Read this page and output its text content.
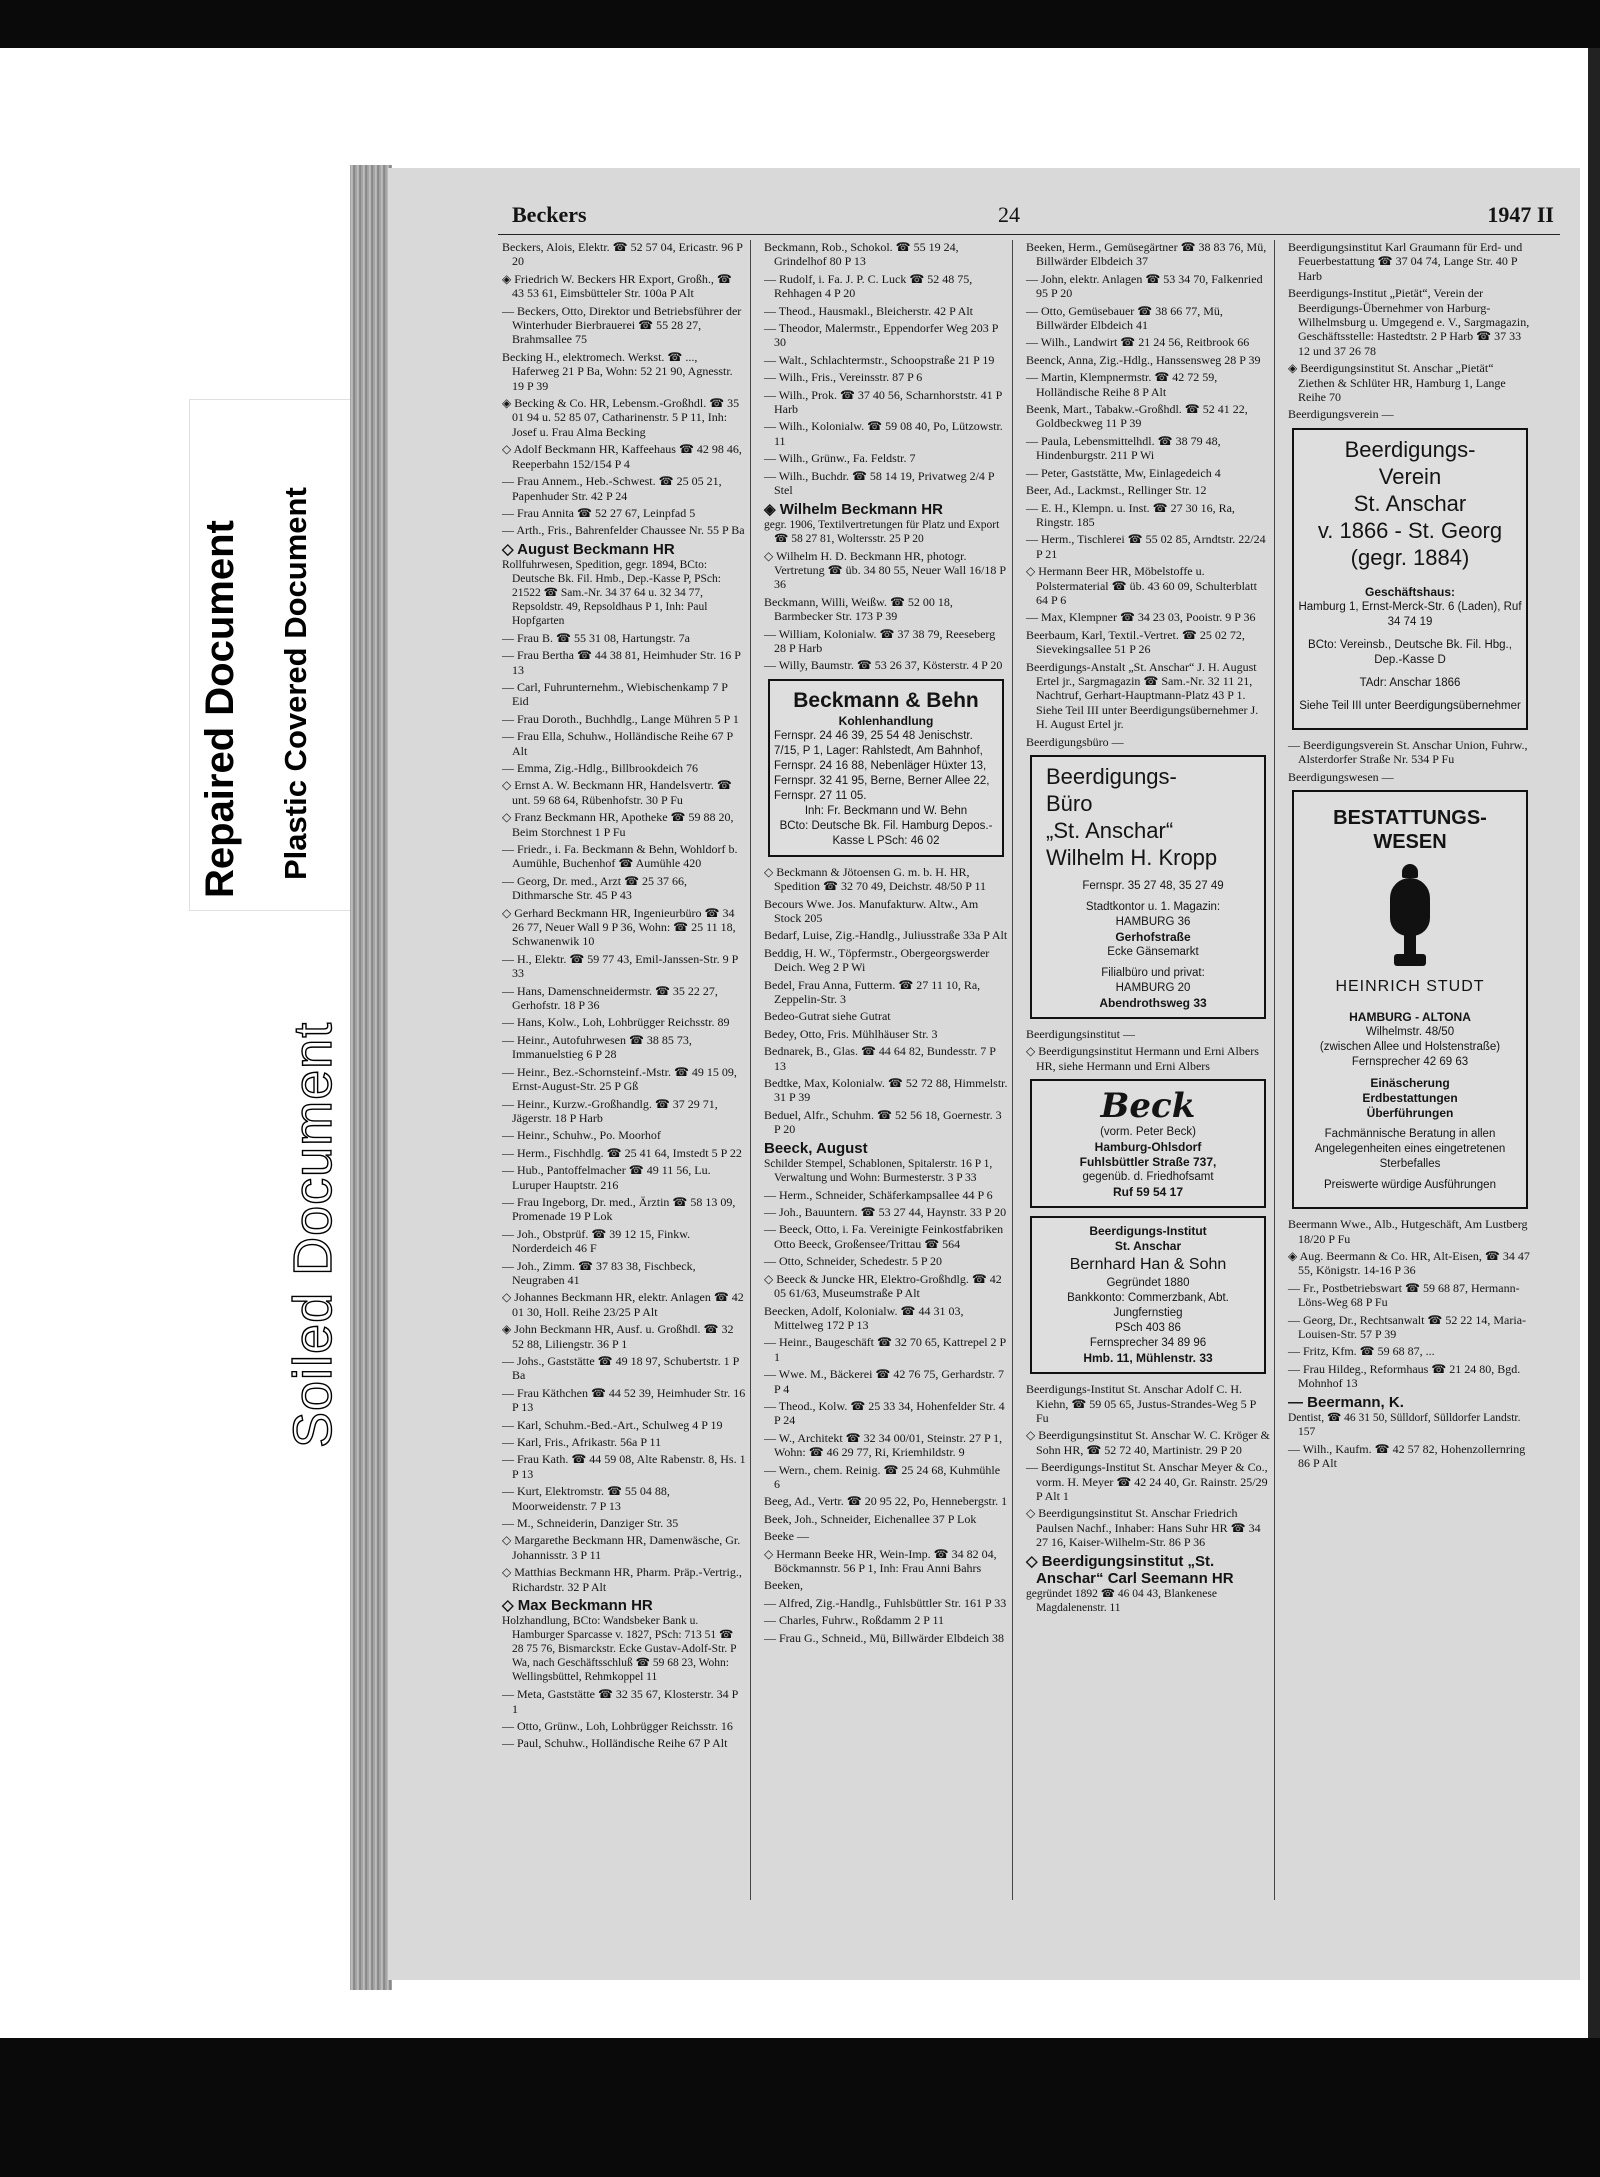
Repaired Document Plastic Covered Document
Soiled Document
Beckers	24	1947 II
Beckers, Alois, Elektr. ☎ 52 57 04, Ericastr. 96 P 20
◈ Friedrich W. Beckers HR Export, Großh., ☎ 43 53 61, Eimsbütteler Str. 100a P Alt
— Beckers, Otto, Direktor und Betriebsführer der Winterhuder Bierbrauerei ☎ 55 28 27, Brahmsallee 75
Becking H., elektromech. Werkst. ☎ ..., Haferweg 21 P Ba, Wohn: 52 21 90, Agnesstr. 19 P 39
◈ Becking & Co. HR, Lebensm.-Großhdl. ☎ 35 01 94 u. 52 85 07, Catharinenstr. 5 P 11, Inh: Josef u. Frau Alma Becking
◇ Adolf Beckmann HR, Kaffeehaus ☎ 42 98 46, Reeperbahn 152/154 P 4
— Frau Annem., Heb.-Schwest. ☎ 25 05 21, Papenhuder Str. 42 P 24
— Frau Annita ☎ 52 27 67, Leinpfad 5
— Arth., Fris., Bahrenfelder Chaussee Nr. 55 P Ba
◇ August Beckmann HR
Rollfuhrwesen, Spedition, gegr. 1894, BCto: Deutsche Bk. Fil. Hmb., Dep.-Kasse P, PSch: 21522 ☎ Sam.-Nr. 34 37 64 u. 32 34 77, Repsoldstr. 49, Repsoldhaus P 1, Inh: Paul Hopfgarten
— Frau B. ☎ 55 31 08, Hartungstr. 7a
— Frau Bertha ☎ 44 38 81, Heimhuder Str. 16 P 13
— Carl, Fuhrunternehm., Wiebischenkamp 7 P Eid
— Frau Doroth., Buchhdlg., Lange Mühren 5 P 1
— Frau Ella, Schuhw., Holländische Reihe 67 P Alt
— Emma, Zig.-Hdlg., Billbrookdeich 76
◇ Ernst A. W. Beckmann HR, Handelsvertr. ☎ unt. 59 68 64, Rübenhofstr. 30 P Fu
◇ Franz Beckmann HR, Apotheke ☎ 59 88 20, Beim Storchnest 1 P Fu
— Friedr., i. Fa. Beckmann & Behn, Wohldorf b. Aumühle, Buchenhof ☎ Aumühle 420
— Georg, Dr. med., Arzt ☎ 25 37 66, Dithmarsche Str. 45 P 43
◇ Gerhard Beckmann HR, Ingenieurbüro ☎ 34 26 77, Neuer Wall 9 P 36, Wohn: ☎ 25 11 18, Schwanenwik 10
— H., Elektr. ☎ 59 77 43, Emil-Janssen-Str. 9 P 33
— Hans, Damenschneidermstr. ☎ 35 22 27, Gerhofstr. 18 P 36
— Hans, Kolw., Loh, Lohbrügger Reichsstr. 89
— Heinr., Autofuhrwesen ☎ 38 85 73, Immanuelstieg 6 P 28
— Heinr., Bez.-Schornsteinf.-Mstr. ☎ 49 15 09, Ernst-August-Str. 25 P Gß
— Heinr., Kurzw.-Großhandlg. ☎ 37 29 71, Jägerstr. 18 P Harb
— Heinr., Schuhw., Po. Moorhof
— Herm., Fischhdlg. ☎ 25 41 64, Imstedt 5 P 22
— Hub., Pantoffelmacher ☎ 49 11 56, Lu. Luruper Hauptstr. 216
— Frau Ingeborg, Dr. med., Ärztin ☎ 58 13 09, Promenade 19 P Lok
— Joh., Obstprüf. ☎ 39 12 15, Finkw. Norderdeich 46 F
— Joh., Zimm. ☎ 37 83 38, Fischbeck, Neugraben 41
◇ Johannes Beckmann HR, elektr. Anlagen ☎ 42 01 30, Holl. Reihe 23/25 P Alt
◈ John Beckmann HR, Ausf. u. Großhdl. ☎ 32 52 88, Liliengstr. 36 P 1
— Johs., Gaststätte ☎ 49 18 97, Schubertstr. 1 P Ba
— Frau Käthchen ☎ 44 52 39, Heimhuder Str. 16 P 13
— Karl, Schuhm.-Bed.-Art., Schulweg 4 P 19
— Karl, Fris., Afrikastr. 56a P 11
— Frau Kath. ☎ 44 59 08, Alte Rabenstr. 8, Hs. 1 P 13
— Kurt, Elektromstr. ☎ 55 04 88, Moorweidenstr. 7 P 13
— M., Schneiderin, Danziger Str. 35
◇ Margarethe Beckmann HR, Damenwäsche, Gr. Johannisstr. 3 P 11
◇ Matthias Beckmann HR, Pharm. Präp.-Vertrig., Richardstr. 32 P Alt
◇ Max Beckmann HR
Holzhandlung, BCto: Wandsbeker Bank u. Hamburger Sparcasse v. 1827, PSch: 713 51 ☎ 28 75 76, Bismarckstr. Ecke Gustav-Adolf-Str. P Wa, nach Geschäftsschluß ☎ 59 68 23, Wohn: Wellingsbüttel, Rehmkoppel 11
— Meta, Gaststätte ☎ 32 35 67, Klosterstr. 34 P 1
— Otto, Grünw., Loh, Lohbrügger Reichsstr. 16
— Paul, Schuhw., Holländische Reihe 67 P Alt
Beckmann, Rob., Schokol. ☎ 55 19 24, Grindelhof 80 P 13
— Rudolf, i. Fa. J. P. C. Luck ☎ 52 48 75, Rehhagen 4 P 20
— Theod., Hausmakl., Bleicherstr. 42 P Alt
— Theodor, Malermstr., Eppendorfer Weg 203 P 30
— Walt., Schlachtermstr., Schoopstraße 21 P 19
— Wilh., Fris., Vereinsstr. 87 P 6
— Wilh., Prok. ☎ 37 40 56, Scharnhorststr. 41 P Harb
— Wilh., Kolonialw. ☎ 59 08 40, Po, Lützowstr. 11
— Wilh., Grünw., Fa. Feldstr. 7
— Wilh., Buchdr. ☎ 58 14 19, Privatweg 2/4 P Stel
◈ Wilhelm Beckmann HR
gegr. 1906, Textilvertretungen für Platz und Export ☎ 58 27 81, Woltersstr. 25 P 20
◇ Wilhelm H. D. Beckmann HR, photogr. Vertretung ☎ üb. 34 80 55, Neuer Wall 16/18 P 36
Beckmann, Willi, Weißw. ☎ 52 00 18, Barmbecker Str. 173 P 39
— William, Kolonialw. ☎ 37 38 79, Reeseberg 28 P Harb
— Willy, Baumstr. ☎ 53 26 37, Kösterstr. 4 P 20
Beckmann & Behn
Kohlenhandlung
Fernspr. 24 46 39, 25 54 48 Jenischstr. 7/15, P 1, Lager: Rahlstedt, Am Bahnhof, Fernspr. 24 16 88, Nebenläger Hüxter 13, Fernspr. 32 41 95, Berne, Berner Allee 22, Fernspr. 27 11 05.
Inh: Fr. Beckmann und W. Behn
BCto: Deutsche Bk. Fil. Hamburg Depos.-Kasse L PSch: 46 02
◇ Beckmann & Jötoensen G. m. b. H. HR, Spedition ☎ 32 70 49, Deichstr. 48/50 P 11
Becours Wwe. Jos. Manufakturw. Altw., Am Stock 205
Bedarf, Luise, Zig.-Handlg., Juliusstraße 33a P Alt
Beddig, H. W., Töpfermstr., Obergeorgswerder Deich. Weg 2 P Wi
Bedel, Frau Anna, Futterm. ☎ 27 11 10, Ra, Zeppelin-Str. 3
Bedeo-Gutrat siehe Gutrat
Bedey, Otto, Fris. Mühlhäuser Str. 3
Bednarek, B., Glas. ☎ 44 64 82, Bundesstr. 7 P 13
Bedtke, Max, Kolonialw. ☎ 52 72 88, Himmelstr. 31 P 39
Beduel, Alfr., Schuhm. ☎ 52 56 18, Goernestr. 3 P 20
Beeck, August
Schilder Stempel, Schablonen, Spitalerstr. 16 P 1, Verwaltung und Wohn: Burmesterstr. 3 P 33
— Herm., Schneider, Schäferkampsallee 44 P 6
— Joh., Bauuntern. ☎ 53 27 44, Haynstr. 33 P 20
— Beeck, Otto, i. Fa. Vereinigte Feinkostfabriken Otto Beeck, Großensee/Trittau ☎ 564
— Otto, Schneider, Schedestr. 5 P 20
◇ Beeck & Juncke HR, Elektro-Großhdlg. ☎ 42 05 61/63, Museumstraße P Alt
Beecken, Adolf, Kolonialw. ☎ 44 31 03, Mittelweg 172 P 13
— Heinr., Baugeschäft ☎ 32 70 65, Kattrepel 2 P 1
— Wwe. M., Bäckerei ☎ 42 76 75, Gerhardstr. 7 P 4
— Theod., Kolw. ☎ 25 33 34, Hohenfelder Str. 4 P 24
— W., Architekt ☎ 32 34 00/01, Steinstr. 27 P 1, Wohn: ☎ 46 29 77, Ri, Kriemhildstr. 9
— Wern., chem. Reinig. ☎ 25 24 68, Kuhmühle 6
Beeg, Ad., Vertr. ☎ 20 95 22, Po, Hennebergstr. 1
Beek, Joh., Schneider, Eichenallee 37 P Lok
Beeke —
◇ Hermann Beeke HR, Wein-Imp. ☎ 34 82 04, Böckmannstr. 56 P 1, Inh: Frau Anni Bahrs
Beeken,
— Alfred, Zig.-Handlg., Fuhlsbüttler Str. 161 P 33
— Charles, Fuhrw., Roßdamm 2 P 11
— Frau G., Schneid., Mü, Billwärder Elbdeich 38
Beeken, Herm., Gemüsegärtner ☎ 38 83 76, Mü, Billwärder Elbdeich 37
— John, elektr. Anlagen ☎ 53 34 70, Falkenried 95 P 20
— Otto, Gemüsebauer ☎ 38 66 77, Mü, Billwärder Elbdeich 41
— Wilh., Landwirt ☎ 21 24 56, Reitbrook 66
Beenck, Anna, Zig.-Hdlg., Hanssensweg 28 P 39
— Martin, Klempnermstr. ☎ 42 72 59, Holländische Reihe 8 P Alt
Beenk, Mart., Tabakw.-Großhdl. ☎ 52 41 22, Goldbeckweg 11 P 39
— Paula, Lebensmittelhdl. ☎ 38 79 48, Hindenburgstr. 211 P Wi
— Peter, Gaststätte, Mw, Einlagedeich 4
Beer, Ad., Lackmst., Rellinger Str. 12
— E. H., Klempn. u. Inst. ☎ 27 30 16, Ra, Ringstr. 185
— Herm., Tischlerei ☎ 55 02 85, Arndtstr. 22/24 P 21
◇ Hermann Beer HR, Möbelstoffe u. Polstermaterial ☎ üb. 43 60 09, Schulterblatt 64 P 6
— Max, Klempner ☎ 34 23 03, Pooistr. 9 P 36
Beerbaum, Karl, Textil.-Vertret. ☎ 25 02 72, Sievekingsallee 51 P 26
Beerdigungs-Anstalt „St. Anschar“ J. H. August Ertel jr., Sargmagazin ☎ Sam.-Nr. 32 11 21, Nachtruf, Gerhart-Hauptmann-Platz 43 P 1. Siehe Teil III unter Beerdigungsübernehmer J. H. August Ertel jr.
Beerdigungsbüro —
Beerdigungs-
Büro
„St. Anschar“
Wilhelm H. Kropp
Fernspr. 35 27 48, 35 27 49
Stadtkontor u. 1. Magazin:
HAMBURG 36
Gerhofstraße
Ecke Gänsemarkt
Filialbüro und privat:
HAMBURG 20
Abendrothsweg 33
Beerdigungsinstitut —
◇ Beerdigungsinstitut Hermann und Erni Albers HR, siehe Hermann und Erni Albers
Beck
(vorm. Peter Beck)
Hamburg-Ohlsdorf
Fuhlsbüttler Straße 737,
gegenüb. d. Friedhofsamt
Ruf 59 54 17
Beerdigungs-Institut
St. Anschar
Bernhard Han & Sohn
Gegründet 1880
Bankkonto: Commerzbank, Abt. Jungfernstieg
PSch 403 86
Fernsprecher 34 89 96
Hmb. 11, Mühlenstr. 33
Beerdigungs-Institut St. Anschar Adolf C. H. Kiehn, ☎ 59 05 65, Justus-Strandes-Weg 5 P Fu
◇ Beerdigungsinstitut St. Anschar W. C. Kröger & Sohn HR, ☎ 52 72 40, Martinistr. 29 P 20
— Beerdigungs-Institut St. Anschar Meyer & Co., vorm. H. Meyer ☎ 42 24 40, Gr. Rainstr. 25/29 P Alt 1
◇ Beerdigungsinstitut St. Anschar Friedrich Paulsen Nachf., Inhaber: Hans Suhr HR ☎ 34 27 16, Kaiser-Wilhelm-Str. 86 P 36
◇ Beerdigungsinstitut „St. Anschar“ Carl Seemann HR
gegründet 1892 ☎ 46 04 43, Blankenese Magdalenenstr. 11
Beerdigungsinstitut Karl Graumann für Erd- und Feuerbestattung ☎ 37 04 74, Lange Str. 40 P Harb
Beerdigungs-Institut „Pietät“, Verein der Beerdigungs-Übernehmer von Harburg-Wilhelmsburg u. Umgegend e. V., Sargmagazin, Geschäftsstelle: Hastedtstr. 2 P Harb ☎ 37 33 12 und 37 26 78
◈ Beerdigungsinstitut St. Anschar „Pietät“ Ziethen & Schlüter HR, Hamburg 1, Lange Reihe 70
Beerdigungsverein —
Beerdigungs-
Verein
St. Anschar
v. 1866 - St. Georg
(gegr. 1884)
Geschäftshaus:
Hamburg 1, Ernst-Merck-Str. 6 (Laden), Ruf 34 74 19
BCto: Vereinsb., Deutsche Bk. Fil. Hbg., Dep.-Kasse D
TAdr: Anschar 1866
Siehe Teil III unter Beerdigungsübernehmer
— Beerdigungsverein St. Anschar Union, Fuhrw., Alsterdorfer Straße Nr. 534 P Fu
Beerdigungswesen —
BESTATTUNGS-
WESEN
HEINRICH STUDT
HAMBURG - ALTONA
Wilhelmstr. 48/50
(zwischen Allee und Holstenstraße)
Fernsprecher 42 69 63
Einäscherung
Erdbestattungen
Überführungen
Fachmännische Beratung in allen Angelegenheiten eines eingetretenen Sterbefalles
Preiswerte würdige Ausführungen
Beermann Wwe., Alb., Hutgeschäft, Am Lustberg 18/20 P Fu
◈ Aug. Beermann & Co. HR, Alt-Eisen, ☎ 34 47 55, Königstr. 14-16 P 36
— Fr., Postbetriebswart ☎ 59 68 87, Hermann-Löns-Weg 68 P Fu
— Georg, Dr., Rechtsanwalt ☎ 52 22 14, Maria-Louisen-Str. 57 P 39
— Fritz, Kfm. ☎ 59 68 87, ...
— Frau Hildeg., Reformhaus ☎ 21 24 80, Bgd. Mohnhof 13
— Beermann, K.
Dentist, ☎ 46 31 50, Sülldorf, Sülldorfer Landstr. 157
— Wilh., Kaufm. ☎ 42 57 82, Hohenzollernring 86 P Alt
